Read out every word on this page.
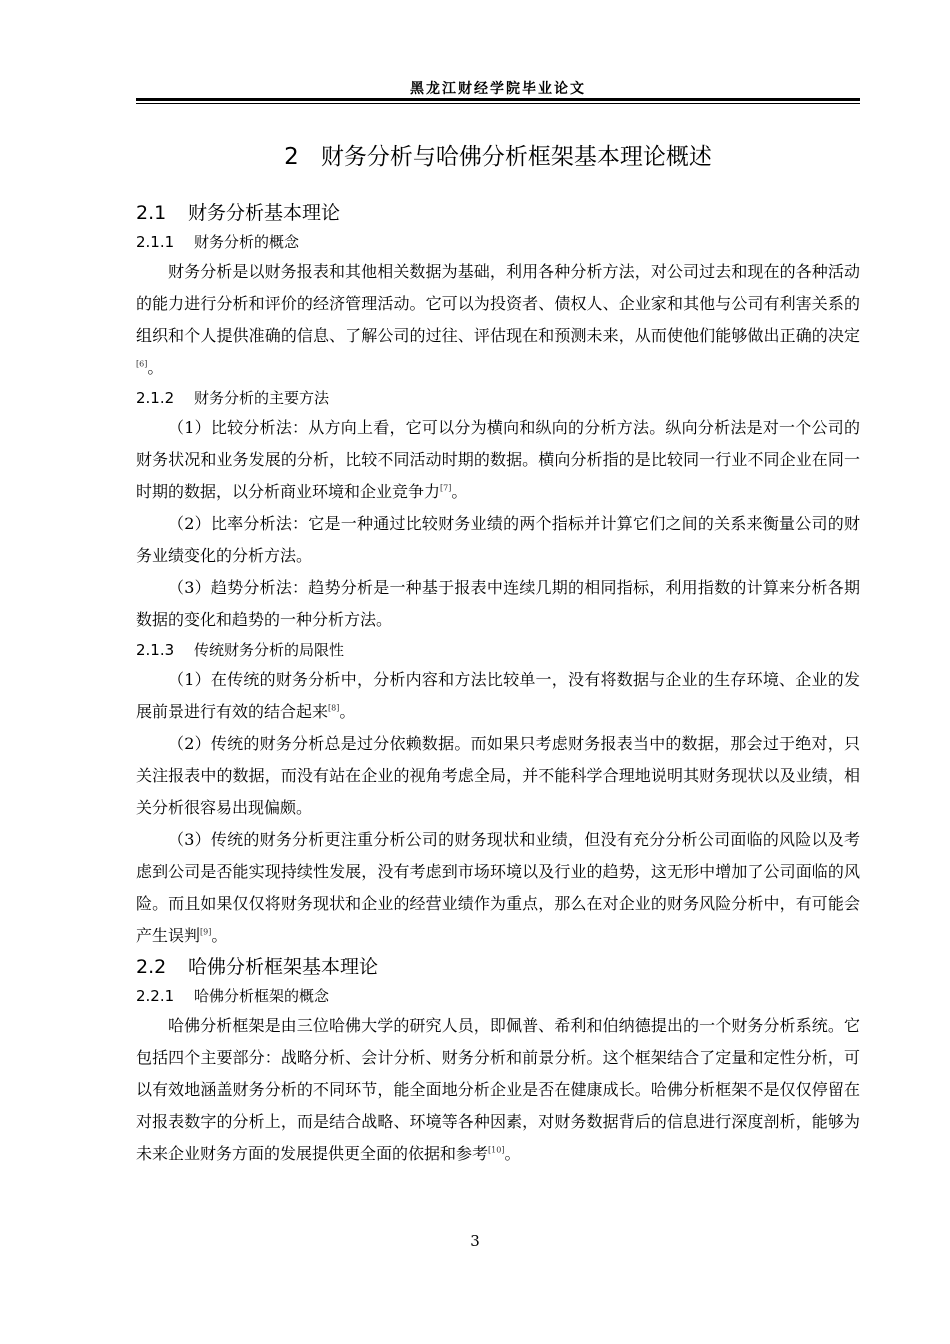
黑龙江财经学院毕业论文
2 财务分析与哈佛分析框架基本理论概述
2.1 财务分析基本理论
2.1.1 财务分析的概念

财务分析是以财务报表和其他相关数据为基础，利用各种分析方法，对公司过去和现在的各种活动的能力进行分析和评价的经济管理活动。它可以为投资者、债权人、企业家和其他与公司有利害关系的组织和个人提供准确的信息、了解公司的过往、评估现在和预测未来，从而使他们能够做出正确的决定[6]。

2.1.2 财务分析的主要方法

（1）比较分析法：从方向上看，它可以分为横向和纵向的分析方法。纵向分析法是对一个公司的财务状况和业务发展的分析，比较不同活动时期的数据。横向分析指的是比较同一行业不同企业在同一时期的数据，以分析商业环境和企业竞争力[7]。

（2）比率分析法：它是一种通过比较财务业绩的两个指标并计算它们之间的关系来衡量公司的财务业绩变化的分析方法。

（3）趋势分析法：趋势分析是一种基于报表中连续几期的相同指标，利用指数的计算来分析各期数据的变化和趋势的一种分析方法。

2.1.3 传统财务分析的局限性

（1）在传统的财务分析中，分析内容和方法比较单一，没有将数据与企业的生存环境、企业的发展前景进行有效的结合起来[8]。

（2）传统的财务分析总是过分依赖数据。而如果只考虑财务报表当中的数据，那会过于绝对，只关注报表中的数据，而没有站在企业的视角考虑全局，并不能科学合理地说明其财务现状以及业绩，相关分析很容易出现偏颇。

（3）传统的财务分析更注重分析公司的财务现状和业绩，但没有充分分析公司面临的风险以及考虑到公司是否能实现持续性发展，没有考虑到市场环境以及行业的趋势，这无形中增加了公司面临的风险。而且如果仅仅将财务现状和企业的经营业绩作为重点，那么在对企业的财务风险分析中，有可能会产生误判[9]。

2.2 哈佛分析框架基本理论
2.2.1 哈佛分析框架的概念

哈佛分析框架是由三位哈佛大学的研究人员，即佩普、希利和伯纳德提出的一个财务分析系统。它包括四个主要部分：战略分析、会计分析、财务分析和前景分析。这个框架结合了定量和定性分析，可以有效地涵盖财务分析的不同环节，能全面地分析企业是否在健康成长。哈佛分析框架不是仅仅停留在对报表数字的分析上，而是结合战略、环境等各种因素，对财务数据背后的信息进行深度剖析，能够为未来企业财务方面的发展提供更全面的依据和参考[10]。

3
